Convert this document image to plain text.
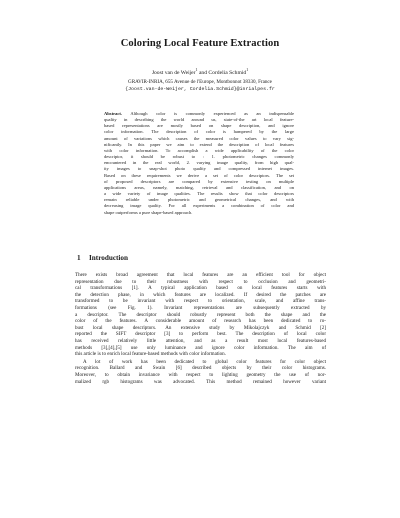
Coloring Local Feature Extraction
Joost van de Weijer$^1$ and Cordelia Schmid$^1$
GRAVIR-INRIA, 655 Avenue de l'Europe, Montbonnot 38330, France
{Joost.van-de-Weijer, Cordelia.Schmid}@inrialpes.fr
Abstract. Although color is commonly experienced as an indispensable
quality in describing the world around us, state-of-the art local feature-
based representations are mostly based on shape description, and ignore
color information. The description of color is hampered by the large
amount of variations which causes the measured color values to vary sig-
nificantly. In this paper we aim to extend the description of local features
with color information. To accomplish a wide applicability of the color
descriptor, it should be robust to : 1. photometric changes commonly
encountered in the real world, 2. varying image quality, from high qual-
ity images to snap-shot photo quality and compressed internet images.
Based on these requirements we derive a set of color descriptors. The set
of proposed descriptors are compared by extensive testing on multiple
applications areas, namely, matching, retrieval and classification, and on
a wide variety of image qualities. The results show that color descriptors
remain reliable under photometric and geometrical changes, and with
decreasing image quality. For all experiments a combination of color and
shape outperforms a pure shape-based approach.
1 Introduction
There exists broad agreement that local features are an efficient tool for object
representation due to their robustness with respect to occlusion and geometri-
cal transformations [1]. A typical application based on local features starts with
the detection phase, in which features are localized. If desired the patches are
transformed to be invariant with respect to orientation, scale, and affine trans-
formations (see Fig. 1). Invariant representations are subsequently extracted by
a descriptor. The descriptor should robustly represent both the shape and the
color of the features. A considerable amount of research has been dedicated to ro-
bust local shape descriptors. An extensive study by Mikolajczyk and Schmid [2]
reported the SIFT descriptor [3] to perform best. The description of local color
has received relatively little attention, and as a result most local features-based
methods [3],[4],[5] use only luminance and ignore color information. The aim of
this article is to enrich local feature-based methods with color information.
A lot of work has been dedicated to global color features for color object
recognition. Ballard and Swain [6] described objects by their color histograms.
Moreover, to obtain invariance with respect to lighting geometry the use of nor-
malized rgb histograms was advocated. This method remained however variant
